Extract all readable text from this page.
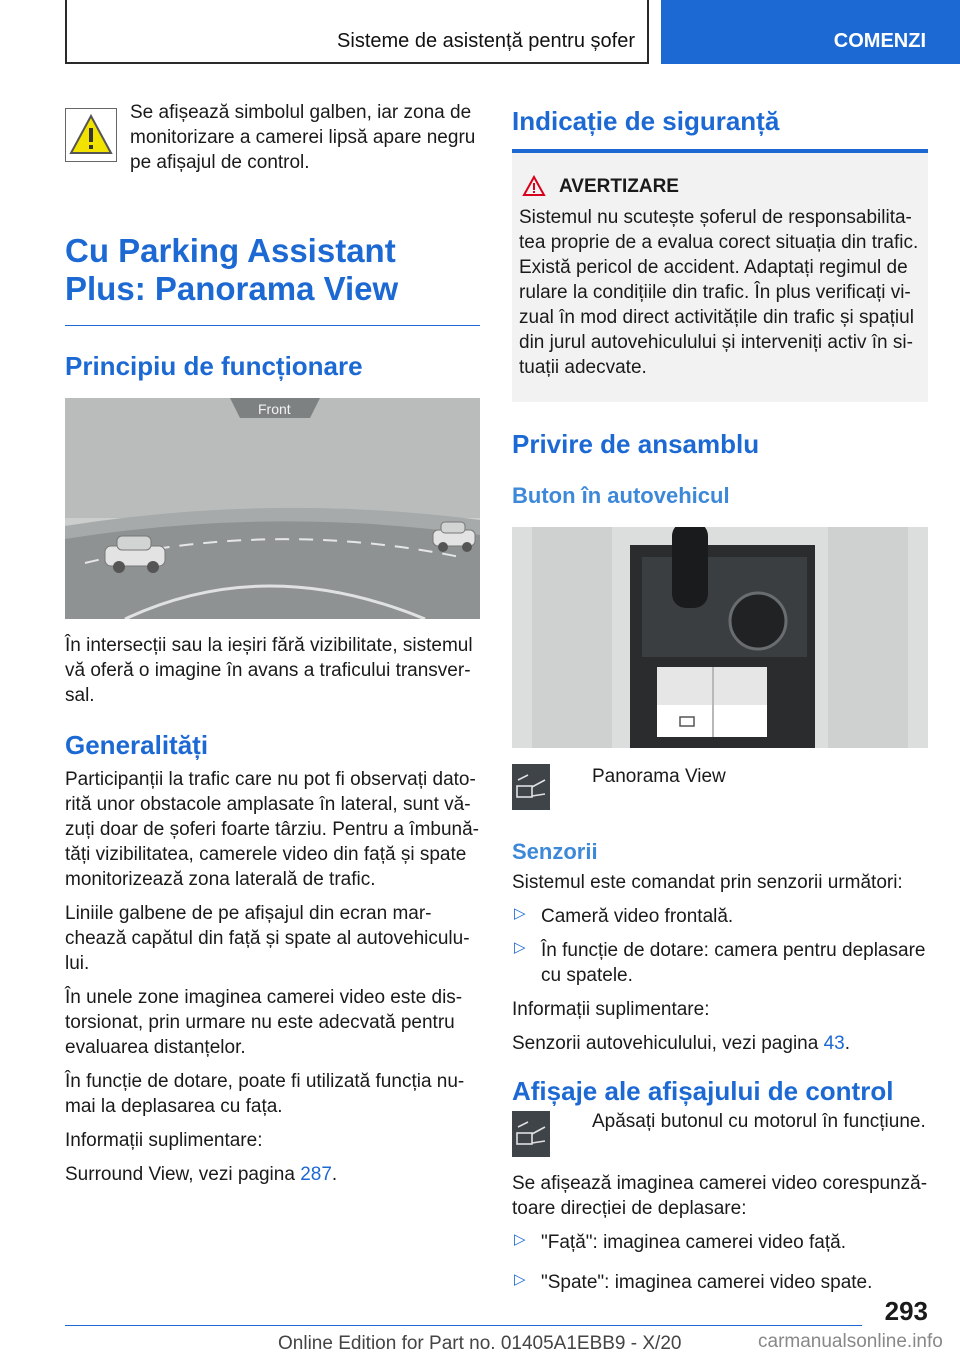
Sisteme de asistență pentru șofer	COMENZI

Se afișează simbolul galben, iar zona de monitorizare a camerei lipsă apare negru pe afișajul de control.

Cu Parking Assistant Plus: Panorama View
Principiu de funcționare
Front

În intersecții sau la ieșiri fără vizibilitate, sistemul vă oferă o imagine în avans a traficului transver-sal.

Generalități

Participanții la trafic care nu pot fi observați dato-rită unor obstacole amplasate în lateral, sunt vă-zuți doar de șoferi foarte târziu. Pentru a îmbună-tăți vizibilitatea, camerele video din față și spate monitorizează zona laterală de trafic.

Liniile galbene de pe afișajul din ecran mar-chează capătul din față și spate al autovehiculu-lui.

În unele zone imaginea camerei video este dis-torsionat, prin urmare nu este adecvată pentru evaluarea distanțelor.

În funcție de dotare, poate fi utilizată funcția nu-mai la deplasarea cu fața.

Informații suplimentare:

Surround View, vezi pagina 287.

Indicație de siguranță
AVERTIZARE

Sistemul nu scutește șoferul de responsabilita-tea proprie de a evalua corect situația din trafic. Există pericol de accident. Adaptați regimul de rulare la condițiile din trafic. În plus verificați vi-zual în mod direct activitățile din trafic și spațiul din jurul autovehiculului și interveniți activ în si-tuații adecvate.

Privire de ansamblu
Buton în autovehicul

Panorama View

Senzorii

Sistemul este comandat prin senzorii următori:

▷ Cameră video frontală.

▷ În funcție de dotare: camera pentru deplasare cu spatele.

Informații suplimentare:

Senzorii autovehiculului, vezi pagina 43.

Afișaje ale afișajului de control

Apăsați butonul cu motorul în funcțiune.

Se afișează imaginea camerei video corespunză-toare direcției de deplasare:

▷ "Față": imaginea camerei video față.

▷ "Spate": imaginea camerei video spate.

293
Online Edition for Part no. 01405A1EBB9 - X/20	carmanualsonline.info
